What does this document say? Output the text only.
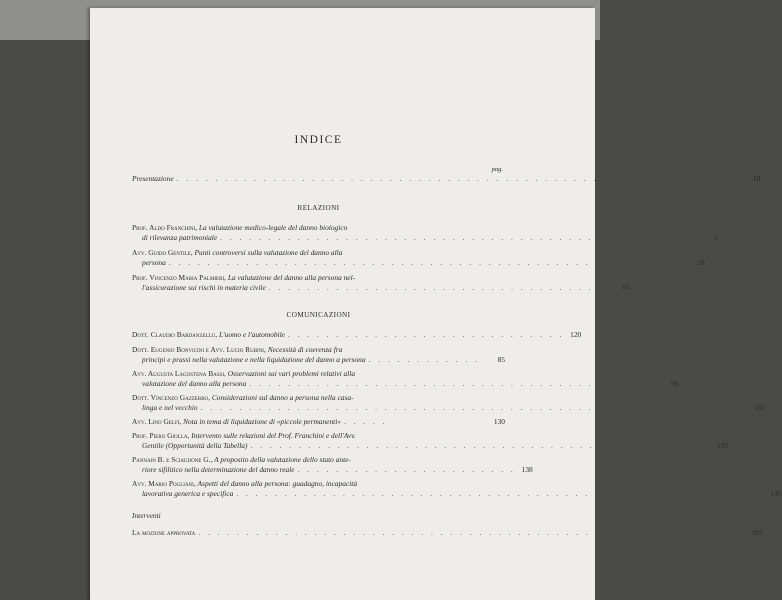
INDICE
pag.
Presentazione . . . . . . . . . . . . . . . . . . . . . . . . . . . . . . . . . . . . . . . . . . . . . . . . . . . . . . . . . . .	III
RELAZIONI
Prof. Aldo Franchini, La valutazione medico-legale del danno biologico
di rilevanza patrimoniale . . . . . . . . . . . . . . . . . . . . . . . . . . . . . . . . . . . . . . . . . . . . . . . . . .	3
Avv. Guido Gentile, Punti controversi sulla valutazione del danno alla
persona . . . . . . . . . . . . . . . . . . . . . . . . . . . . . . . . . . . . . . . . . . . . . . . . . . . . . .	39
Prof. Vincenzo Maria Palmieri, La valutazione del danno alla persona nel-
l'assicurazione sui rischi in materia civile . . . . . . . . . . . . . . . . . . . . . . . . . . . . . . . . . . . .	65
COMUNICAZIONI
Dott. Claudio Bardanzellu, L'uomo e l'automobile . . . . . . . . . . . . . . . . . . . . . . . . . . . . . 120
Dott. Eugenio Bonvicini e Avv. Lucio Rubini, Necessità di coerenza fra
principi e prassi nella valutazione e nella liquidazione del danno a persona . . . . . . . . . . . .	85
Avv. Augusta Lagostena Bassi, Osservazioni sui vari problemi relativi alla
valutazione del danno alla persona . . . . . . . . . . . . . . . . . . . . . . . . . . . . . . . . . . . . . . . . . . .	96
Dott. Vincenzo Gazzerro, Considerazioni sul danno a persona nella casa-
linga e nel vecchio . . . . . . . . . . . . . . . . . . . . . . . . . . . . . . . . . . . . . . . . . . . . . . . . . . . . . . . . . 102
Avv. Lino Gelfi, Nota in tema di liquidazione di «piccole permanenti» . . . . .	130
Prof. Piero Giolla, Intervento sulle relazioni del Prof. Franchini e dell'Avv.
Gentile (Opportunità della Tabella) . . . . . . . . . . . . . . . . . . . . . . . . . . . . . . . . . . . . . . . . . . . . . . . . 135
Pannain B. e Sciaudone G., A proposito della valutazione dello stato ante-
riore sifilitico nella determinazione del danno reale . . . . . . . . . . . . . . . . . . . . . . . 138
Avv. Mario Pogliani, Aspetti del danno alla persona: guadagno, incapacità
lavorativa generica e specifica . . . . . . . . . . . . . . . . . . . . . . . . . . . . . . . . . . . . . . . . . . . . . . . . . . . . . . . 145
Interventi
La mozione approvata . . . . . . . . . . . . . . . . . . . . . . . . . . . . . . . . . . . . . . . . . . . . . . . . . . . . . . . . . 291
